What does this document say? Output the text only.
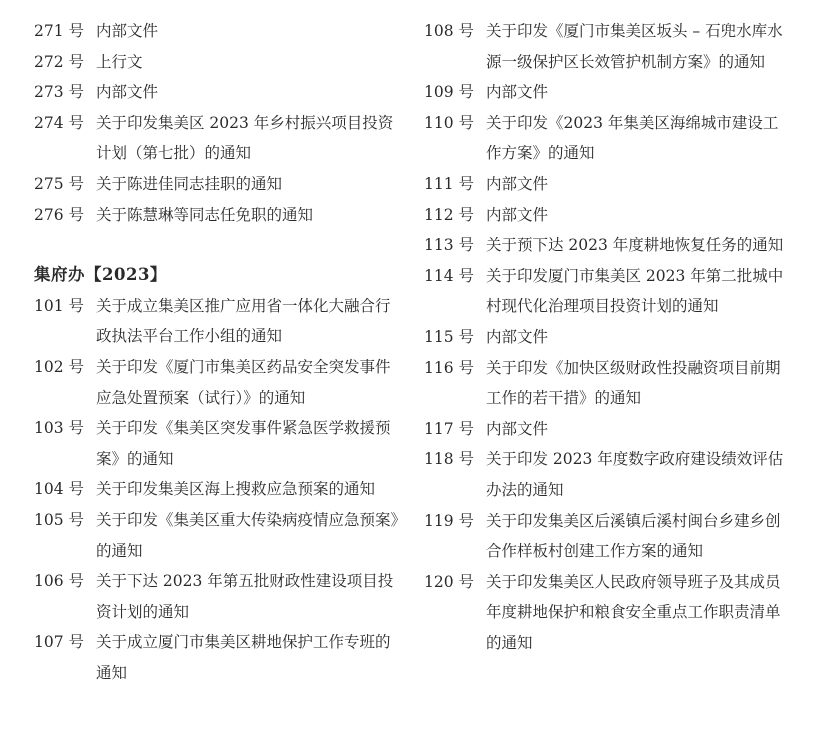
271 号 内部文件
272 号 上行文
273 号 内部文件
274 号 关于印发集美区 2023 年乡村振兴项目投资计划（第七批）的通知
275 号 关于陈进佳同志挂职的通知
276 号 关于陈慧琳等同志任免职的通知
集府办【2023】
101 号 关于成立集美区推广应用省一体化大融合行政执法平台工作小组的通知
102 号 关于印发《厦门市集美区药品安全突发事件应急处置预案（试行）》的通知
103 号 关于印发《集美区突发事件紧急医学救援预案》的通知
104 号 关于印发集美区海上搜救应急预案的通知
105 号 关于印发《集美区重大传染病疫情应急预案》的通知
106 号 关于下达 2023 年第五批财政性建设项目投资计划的通知
107 号 关于成立厦门市集美区耕地保护工作专班的通知
108 号 关于印发《厦门市集美区坂头 – 石兜水库水源一级保护区长效管护机制方案》的通知
109 号 内部文件
110 号 关于印发《2023 年集美区海绵城市建设工作方案》的通知
111 号 内部文件
112 号 内部文件
113 号 关于预下达 2023 年度耕地恢复任务的通知
114 号 关于印发厦门市集美区 2023 年第二批城中村现代化治理项目投资计划的通知
115 号 内部文件
116 号 关于印发《加快区级财政性投融资项目前期工作的若干措》的通知
117 号 内部文件
118 号 关于印发 2023 年度数字政府建设绩效评估办法的通知
119 号 关于印发集美区后溪镇后溪村闽台乡建乡创合作样板村创建工作方案的通知
120 号 关于印发集美区人民政府领导班子及其成员年度耕地保护和粮食安全重点工作职责清单的通知
